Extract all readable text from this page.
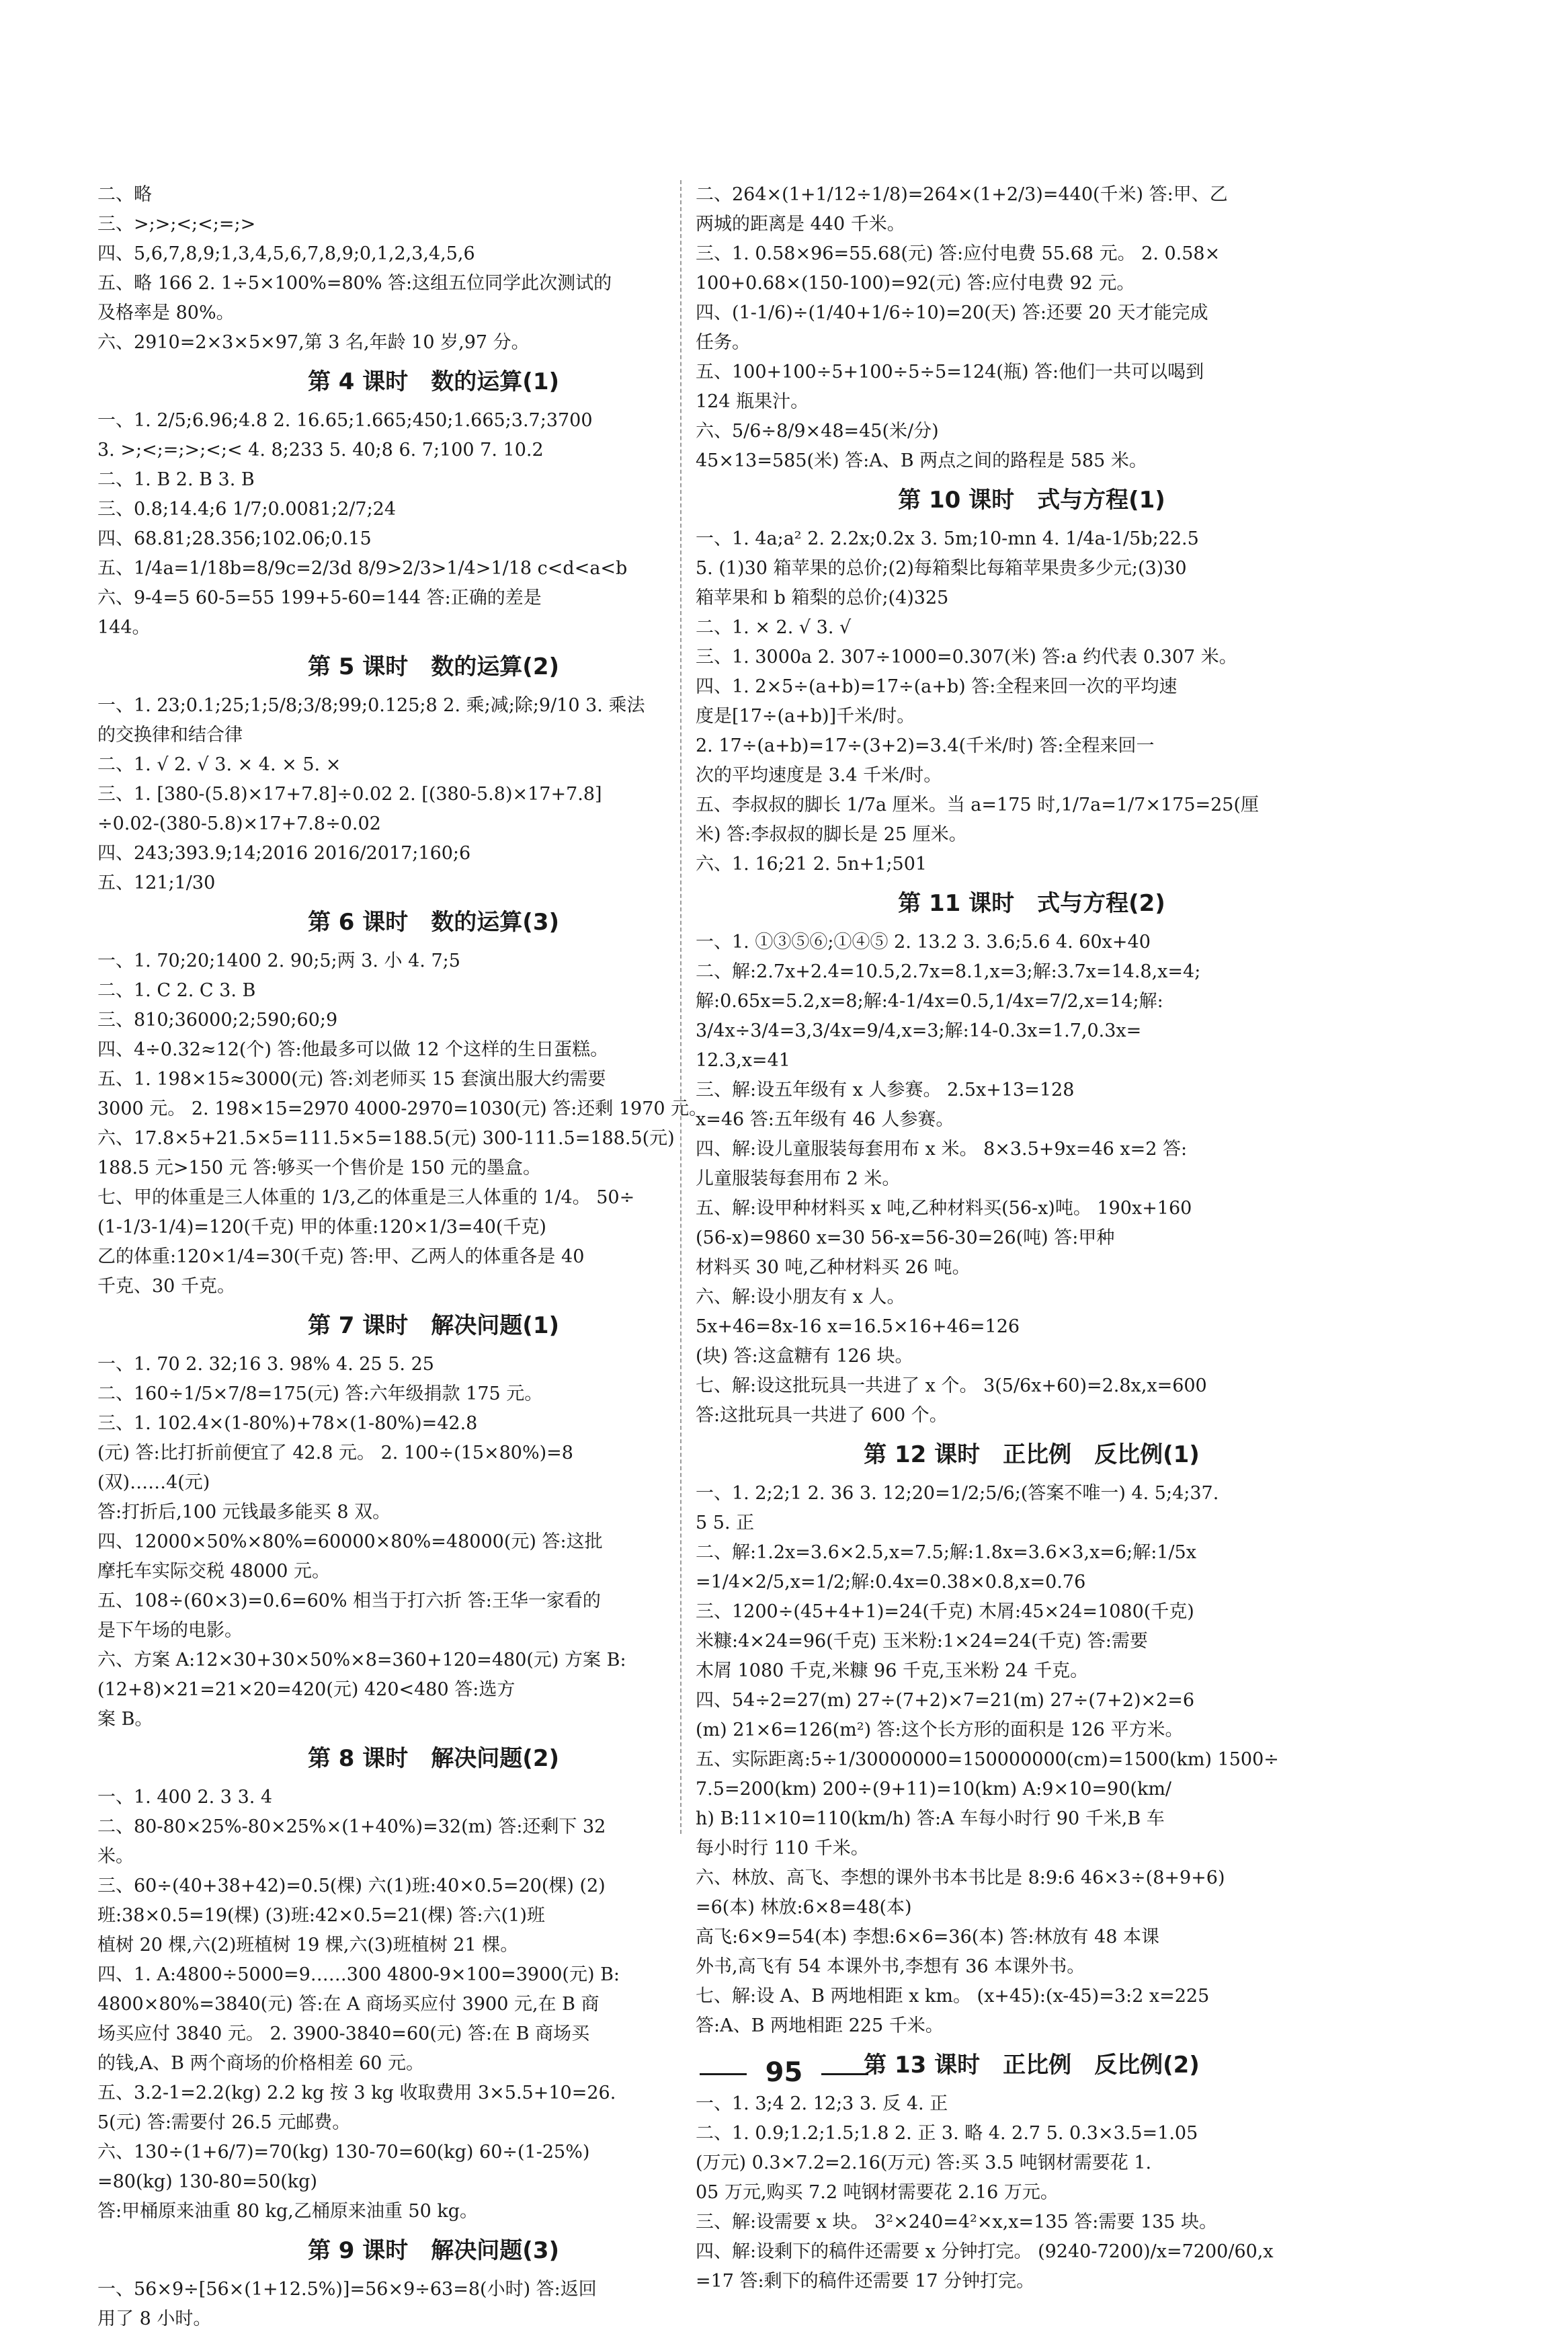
二、略
三、>;>;<;<;=;>
四、5,6,7,8,9;1,3,4,5,6,7,8,9;0,1,2,3,4,5,6
五、略 166 2. 1÷5×100%=80% 答:这组五位同学此次测试的
及格率是 80%。
六、2910=2×3×5×97,第 3 名,年龄 10 岁,97 分。
第 4 课时　数的运算(1)
一、1. 2/5;6.96;4.8 2. 16.65;1.665;450;1.665;3.7;3700
3. >;<;=;>;<;< 4. 8;233 5. 40;8 6. 7;100 7. 10.2
二、1. B 2. B 3. B
三、0.8;14.4;6 1/7;0.0081;2/7;24
四、68.81;28.356;102.06;0.15
五、1/4a=1/18b=8/9c=2/3d 8/9>2/3>1/4>1/18 c<d<a<b
六、9-4=5 60-5=55 199+5-60=144 答:正确的差是
144。
第 5 课时　数的运算(2)
一、1. 23;0.1;25;1;5/8;3/8;99;0.125;8 2. 乘;减;除;9/10 3. 乘法
的交换律和结合律
二、1. √ 2. √ 3. × 4. × 5. ×
三、1. [380-(5.8)×17+7.8]÷0.02 2. [(380-5.8)×17+7.8]
÷0.02-(380-5.8)×17+7.8÷0.02
四、243;393.9;14;2016 2016/2017;160;6
五、121;1/30
第 6 课时　数的运算(3)
一、1. 70;20;1400 2. 90;5;两 3. 小 4. 7;5
二、1. C 2. C 3. B
三、810;36000;2;590;60;9
四、4÷0.32≈12(个) 答:他最多可以做 12 个这样的生日蛋糕。
五、1. 198×15≈3000(元) 答:刘老师买 15 套演出服大约需要
3000 元。 2. 198×15=2970 4000-2970=1030(元) 答:还剩 1970 元。
六、17.8×5+21.5×5=111.5×5=188.5(元) 300-111.5=188.5(元)
188.5 元>150 元 答:够买一个售价是 150 元的墨盒。
七、甲的体重是三人体重的 1/3,乙的体重是三人体重的 1/4。 50÷
(1-1/3-1/4)=120(千克) 甲的体重:120×1/3=40(千克)
乙的体重:120×1/4=30(千克) 答:甲、乙两人的体重各是 40
千克、30 千克。
第 7 课时　解决问题(1)
一、1. 70 2. 32;16 3. 98% 4. 25 5. 25
二、160÷1/5×7/8=175(元) 答:六年级捐款 175 元。
三、1. 102.4×(1-80%)+78×(1-80%)=42.8
(元) 答:比打折前便宜了 42.8 元。 2. 100÷(15×80%)=8
(双)……4(元)
答:打折后,100 元钱最多能买 8 双。
四、12000×50%×80%=60000×80%=48000(元) 答:这批
摩托车实际交税 48000 元。
五、108÷(60×3)=0.6=60% 相当于打六折 答:王华一家看的
是下午场的电影。
六、方案 A:12×30+30×50%×8=360+120=480(元) 方案 B:
(12+8)×21=21×20=420(元) 420<480 答:选方
案 B。
第 8 课时　解决问题(2)
一、1. 400 2. 3 3. 4
二、80-80×25%-80×25%×(1+40%)=32(m) 答:还剩下 32
米。
三、60÷(40+38+42)=0.5(棵) 六(1)班:40×0.5=20(棵) (2)
班:38×0.5=19(棵) (3)班:42×0.5=21(棵) 答:六(1)班
植树 20 棵,六(2)班植树 19 棵,六(3)班植树 21 棵。
四、1. A:4800÷5000=9……300 4800-9×100=3900(元) B:
4800×80%=3840(元) 答:在 A 商场买应付 3900 元,在 B 商
场买应付 3840 元。 2. 3900-3840=60(元) 答:在 B 商场买
的钱,A、B 两个商场的价格相差 60 元。
五、3.2-1=2.2(kg) 2.2 kg 按 3 kg 收取费用 3×5.5+10=26.
5(元) 答:需要付 26.5 元邮费。
六、130÷(1+6/7)=70(kg) 130-70=60(kg) 60÷(1-25%)
=80(kg) 130-80=50(kg)
答:甲桶原来油重 80 kg,乙桶原来油重 50 kg。
第 9 课时　解决问题(3)
一、56×9÷[56×(1+12.5%)]=56×9÷63=8(小时) 答:返回
用了 8 小时。
二、264×(1+1/12÷1/8)=264×(1+2/3)=440(千米) 答:甲、乙
两城的距离是 440 千米。
三、1. 0.58×96=55.68(元) 答:应付电费 55.68 元。 2. 0.58×
100+0.68×(150-100)=92(元) 答:应付电费 92 元。
四、(1-1/6)÷(1/40+1/6÷10)=20(天) 答:还要 20 天才能完成
任务。
五、100+100÷5+100÷5÷5=124(瓶) 答:他们一共可以喝到
124 瓶果汁。
六、5/6÷8/9×48=45(米/分)
45×13=585(米) 答:A、B 两点之间的路程是 585 米。
第 10 课时　式与方程(1)
一、1. 4a;a² 2. 2.2x;0.2x 3. 5m;10-mn 4. 1/4a-1/5b;22.5
5. (1)30 箱苹果的总价;(2)每箱梨比每箱苹果贵多少元;(3)30
箱苹果和 b 箱梨的总价;(4)325
二、1. × 2. √ 3. √
三、1. 3000a 2. 307÷1000=0.307(米) 答:a 约代表 0.307 米。
四、1. 2×5÷(a+b)=17÷(a+b) 答:全程来回一次的平均速
度是[17÷(a+b)]千米/时。
2. 17÷(a+b)=17÷(3+2)=3.4(千米/时) 答:全程来回一
次的平均速度是 3.4 千米/时。
五、李叔叔的脚长 1/7a 厘米。当 a=175 时,1/7a=1/7×175=25(厘
米) 答:李叔叔的脚长是 25 厘米。
六、1. 16;21 2. 5n+1;501
第 11 课时　式与方程(2)
一、1. ①③⑤⑥;①④⑤ 2. 13.2 3. 3.6;5.6 4. 60x+40
二、解:2.7x+2.4=10.5,2.7x=8.1,x=3;解:3.7x=14.8,x=4;
解:0.65x=5.2,x=8;解:4-1/4x=0.5,1/4x=7/2,x=14;解:
3/4x÷3/4=3,3/4x=9/4,x=3;解:14-0.3x=1.7,0.3x=
12.3,x=41
三、解:设五年级有 x 人参赛。 2.5x+13=128
x=46 答:五年级有 46 人参赛。
四、解:设儿童服装每套用布 x 米。 8×3.5+9x=46 x=2 答:
儿童服装每套用布 2 米。
五、解:设甲种材料买 x 吨,乙种材料买(56-x)吨。 190x+160
(56-x)=9860 x=30 56-x=56-30=26(吨) 答:甲种
材料买 30 吨,乙种材料买 26 吨。
六、解:设小朋友有 x 人。
5x+46=8x-16 x=16.5×16+46=126
(块) 答:这盒糖有 126 块。
七、解:设这批玩具一共进了 x 个。 3(5/6x+60)=2.8x,x=600
答:这批玩具一共进了 600 个。
第 12 课时　正比例　反比例(1)
一、1. 2;2;1 2. 36 3. 12;20=1/2;5/6;(答案不唯一) 4. 5;4;37.
5 5. 正
二、解:1.2x=3.6×2.5,x=7.5;解:1.8x=3.6×3,x=6;解:1/5x
=1/4×2/5,x=1/2;解:0.4x=0.38×0.8,x=0.76
三、1200÷(45+4+1)=24(千克) 木屑:45×24=1080(千克)
米糠:4×24=96(千克) 玉米粉:1×24=24(千克) 答:需要
木屑 1080 千克,米糠 96 千克,玉米粉 24 千克。
四、54÷2=27(m) 27÷(7+2)×7=21(m) 27÷(7+2)×2=6
(m) 21×6=126(m²) 答:这个长方形的面积是 126 平方米。
五、实际距离:5÷1/30000000=150000000(cm)=1500(km) 1500÷
7.5=200(km) 200÷(9+11)=10(km) A:9×10=90(km/
h) B:11×10=110(km/h) 答:A 车每小时行 90 千米,B 车
每小时行 110 千米。
六、林放、高飞、李想的课外书本书比是 8:9:6 46×3÷(8+9+6)
=6(本) 林放:6×8=48(本)
高飞:6×9=54(本) 李想:6×6=36(本) 答:林放有 48 本课
外书,高飞有 54 本课外书,李想有 36 本课外书。
七、解:设 A、B 两地相距 x km。 (x+45):(x-45)=3:2 x=225
答:A、B 两地相距 225 千米。
第 13 课时　正比例　反比例(2)
一、1. 3;4 2. 12;3 3. 反 4. 正
二、1. 0.9;1.2;1.5;1.8 2. 正 3. 略 4. 2.7 5. 0.3×3.5=1.05
(万元) 0.3×7.2=2.16(万元) 答:买 3.5 吨钢材需要花 1.
05 万元,购买 7.2 吨钢材需要花 2.16 万元。
三、解:设需要 x 块。 3²×240=4²×x,x=135 答:需要 135 块。
四、解:设剩下的稿件还需要 x 分钟打完。 (9240-7200)/x=7200/60,x
=17 答:剩下的稿件还需要 17 分钟打完。
95
